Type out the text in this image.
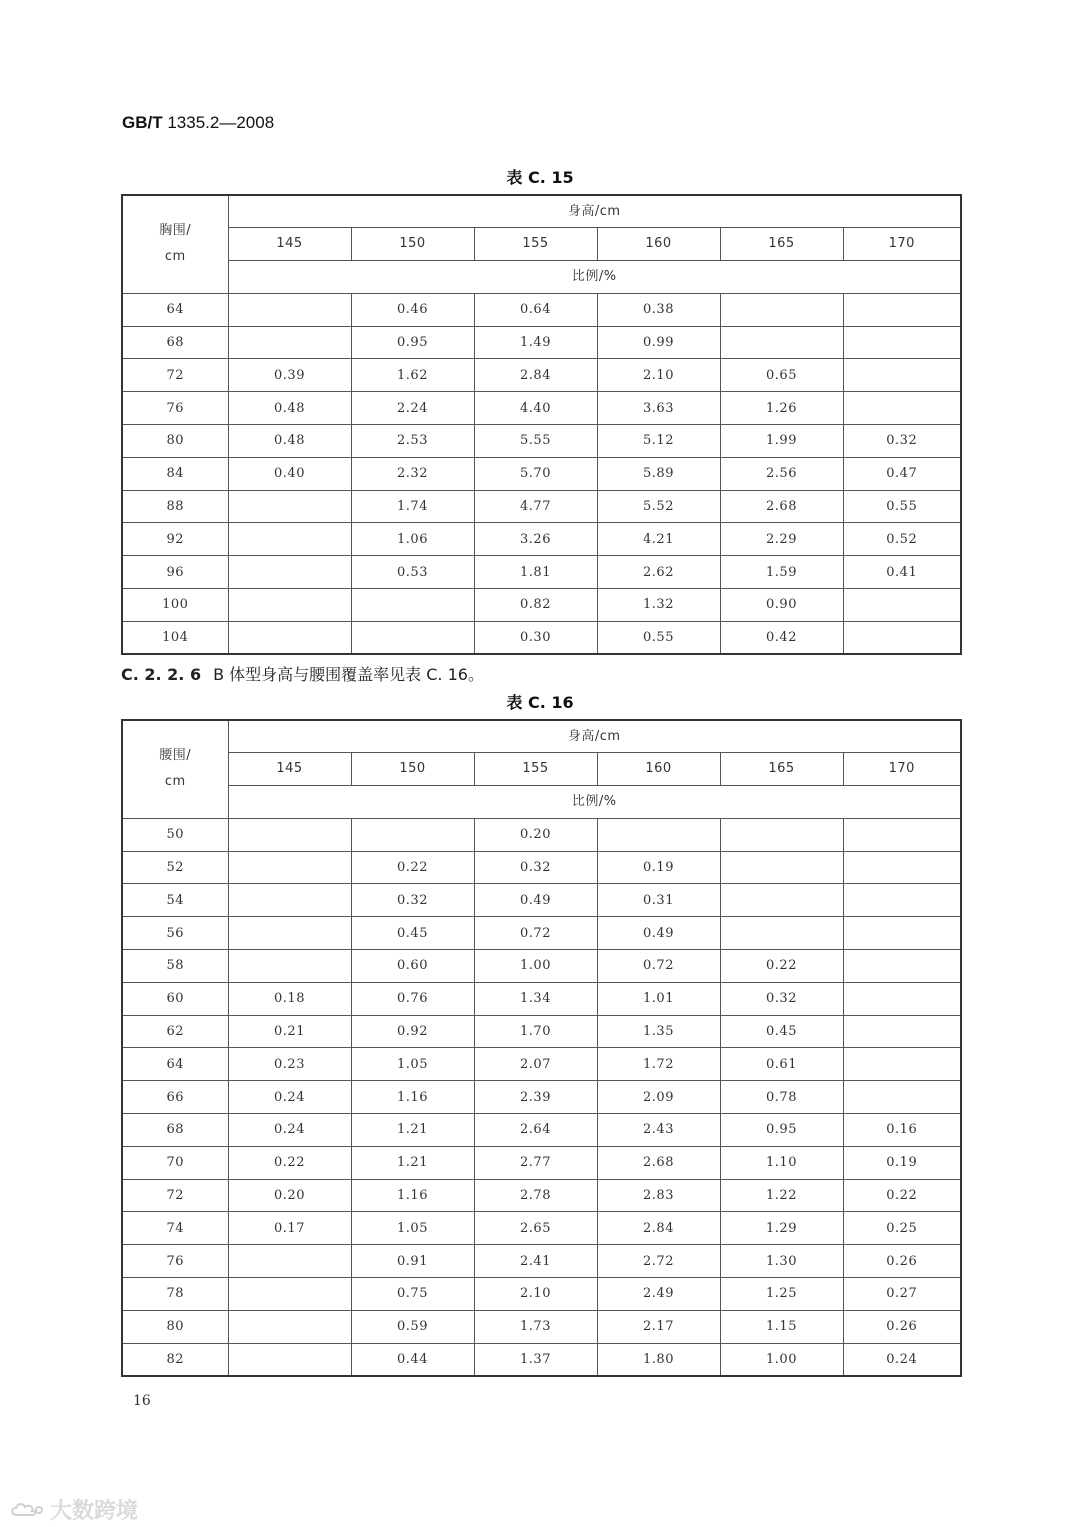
GB/T 1335.2—2008
表 C. 15
胸围/
cm	身高/cm					
	145	150	155	160	165	170
	比例/%					
64		0.46	0.64	0.38		
68		0.95	1.49	0.99		
72	0.39	1.62	2.84	2.10	0.65	
76	0.48	2.24	4.40	3.63	1.26	
80	0.48	2.53	5.55	5.12	1.99	0.32
84	0.40	2.32	5.70	5.89	2.56	0.47
88		1.74	4.77	5.52	2.68	0.55
92		1.06	3.26	4.21	2.29	0.52
96		0.53	1.81	2.62	1.59	0.41
100			0.82	1.32	0.90	
104			0.30	0.55	0.42	
C. 2. 2. 6 B 体型身高与腰围覆盖率见表 C. 16。
表 C. 16
腰围/
cm	身高/cm					
	145	150	155	160	165	170
	比例/%					
50			0.20			
52		0.22	0.32	0.19		
54		0.32	0.49	0.31		
56		0.45	0.72	0.49		
58		0.60	1.00	0.72	0.22	
60	0.18	0.76	1.34	1.01	0.32	
62	0.21	0.92	1.70	1.35	0.45	
64	0.23	1.05	2.07	1.72	0.61	
66	0.24	1.16	2.39	2.09	0.78	
68	0.24	1.21	2.64	2.43	0.95	0.16
70	0.22	1.21	2.77	2.68	1.10	0.19
72	0.20	1.16	2.78	2.83	1.22	0.22
74	0.17	1.05	2.65	2.84	1.29	0.25
76		0.91	2.41	2.72	1.30	0.26
78		0.75	2.10	2.49	1.25	0.27
80		0.59	1.73	2.17	1.15	0.26
82		0.44	1.37	1.80	1.00	0.24
16
大数跨境
